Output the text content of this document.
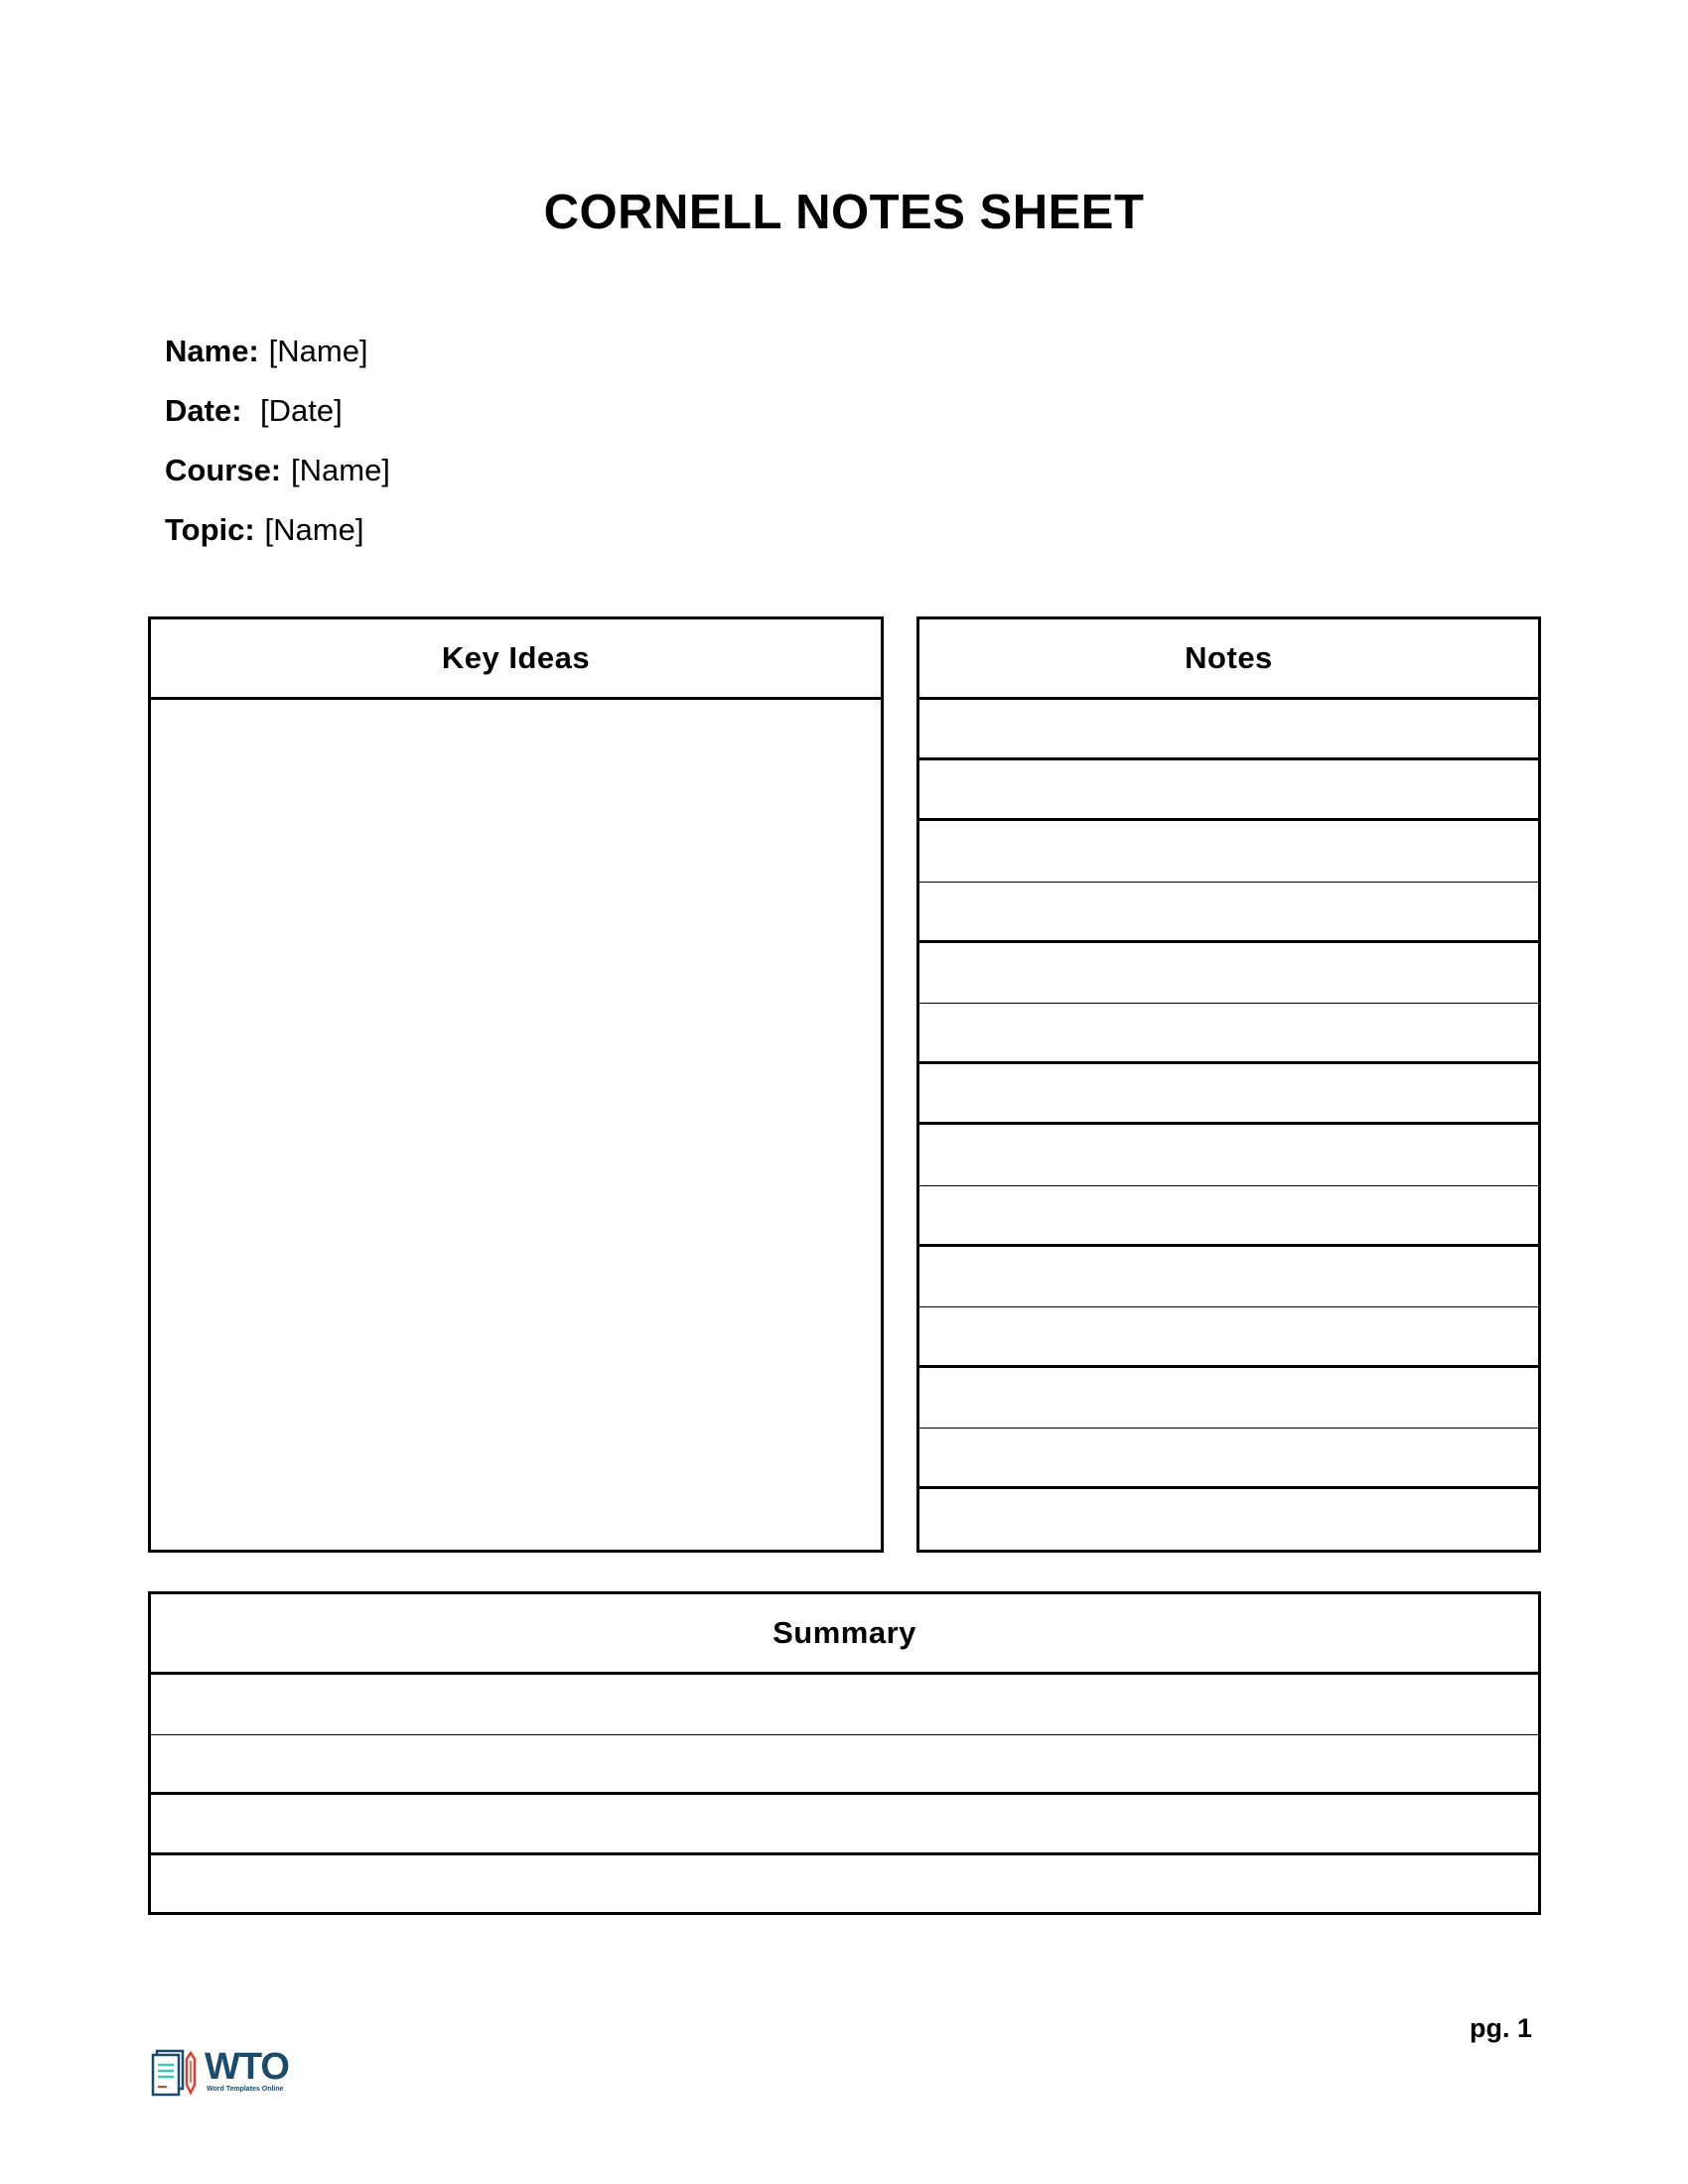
CORNELL NOTES SHEET
Name: [Name]
Date:  [Date]
Course: [Name]
Topic: [Name]
Key Ideas	Notes
Summary
pg. 1
WTO
Word Templates Online
